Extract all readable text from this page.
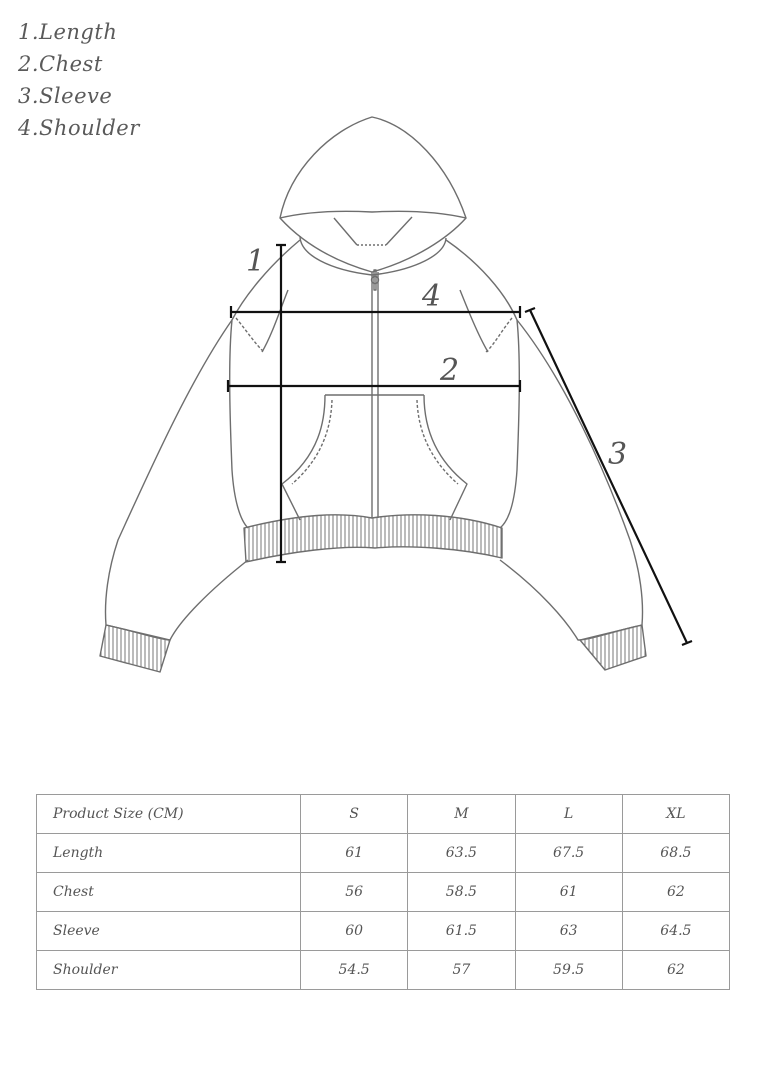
1.Length
2.Chest
3.Sleeve
4.Shoulder
1
4
2
3
Product Size (CM)	S	M	L	XL
Length	61	63.5	67.5	68.5
Chest	56	58.5	61	62
Sleeve	60	61.5	63	64.5
Shoulder	54.5	57	59.5	62
